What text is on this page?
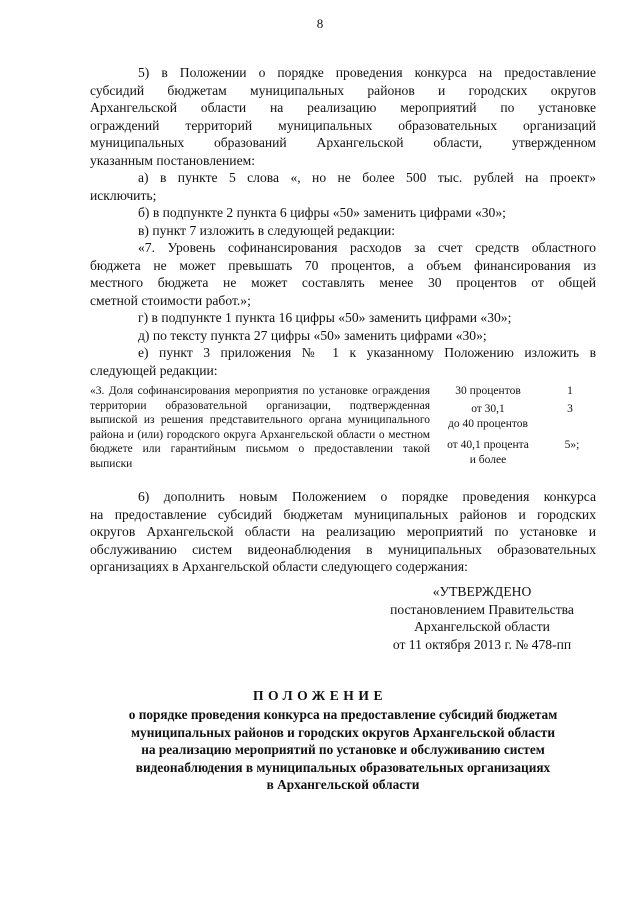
8
5) в Положении о порядке проведения конкурса на предоставление
субсидий бюджетам муниципальных районов и городских округов
Архангельской области на реализацию мероприятий по установке
ограждений территорий муниципальных образовательных организаций
муниципальных образований Архангельской области, утвержденном
указанным постановлением:
а) в пункте 5 слова «, но не более 500 тыс. рублей на проект»
исключить;
б) в подпункте 2 пункта 6 цифры «50» заменить цифрами «30»;
в) пункт 7 изложить в следующей редакции:
«7. Уровень софинансирования расходов за счет средств областного
бюджета не может превышать 70 процентов, а объем финансирования из
местного бюджета не может составлять менее 30 процентов от общей
сметной стоимости работ.»;
г) в подпункте 1 пункта 16 цифры «50» заменить цифрами «30»;
д) по тексту пункта 27 цифры «50» заменить цифрами «30»;
е) пункт 3 приложения № 1 к указанному Положению изложить в
следующей редакции:
«3. Доля софинансирования мероприятия по установке ограждения территории образовательной организации, подтвержденная выпиской из решения представительного органа муниципального района и (или) городского округа Архангельской области о местном бюджете или гарантийным письмом о предоставлении такой выписки
30 процентов	1
от 30,1
до 40 процентов
3
от 40,1 процента
и более
5»;
6) дополнить новым Положением о порядке проведения конкурса
на предоставление субсидий бюджетам муниципальных районов и городских
округов Архангельской области на реализацию мероприятий по установке и
обслуживанию систем видеонаблюдения в муниципальных образовательных
организациях в Архангельской области следующего содержания:
«УТВЕРЖДЕНО
постановлением Правительства
Архангельской области
от 11 октября 2013 г. № 478-пп
ПОЛОЖЕНИЕ
о порядке проведения конкурса на предоставление субсидий бюджетам
муниципальных районов и городских округов Архангельской области
на реализацию мероприятий по установке и обслуживанию систем
видеонаблюдения в муниципальных образовательных организациях
в Архангельской области
